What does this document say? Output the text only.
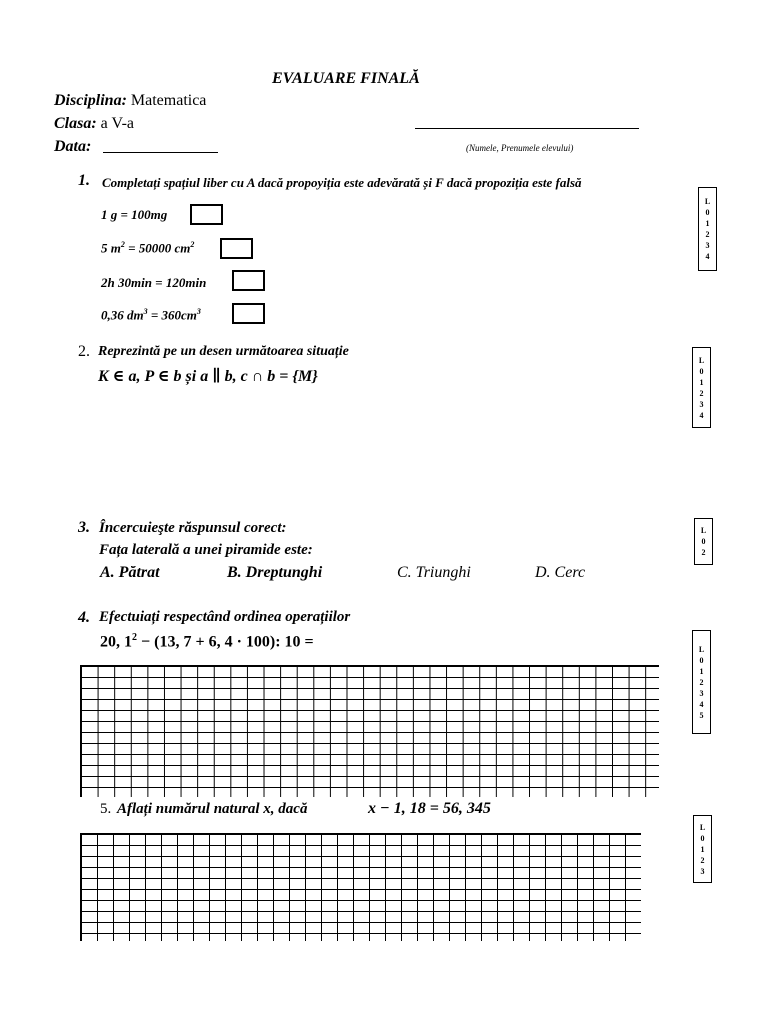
EVALUARE FINALĂ
Disciplina: Matematica
Clasa: a V-a
Data:	(Numele, Prenumele elevului)
1. Completați spațiul liber cu A dacă propoyiția este adevărată și F dacă propoziția este falsă
1 g = 100mg
5 $m^2 = 50000$ $cm^2$
2h 30min = 120min
0,36 $dm^3 = 360cm^3$
L
0
1
2
3
4
2. Reprezintă pe un desen următoarea situație
K ∈ a, P ∈ b și a ∥ b, c ∩ b = {M}
L
0
1
2
3
4
3. Încercuieşte răspunsul corect:
Fața laterală a unei piramide este:
A. Pătrat	B. Dreptunghi	C. Triunghi	D. Cerc
L
0
2
4. Efectuiați respectând ordinea operațiilor
20, $1^2 - (13$, 7 + 6, 4 · 100): 10 =	L
0
1
2
3
4
5
5. Aflați numărul natural x, dacă	x − 1, 18 = 56, 345
L
0
1
2
3
